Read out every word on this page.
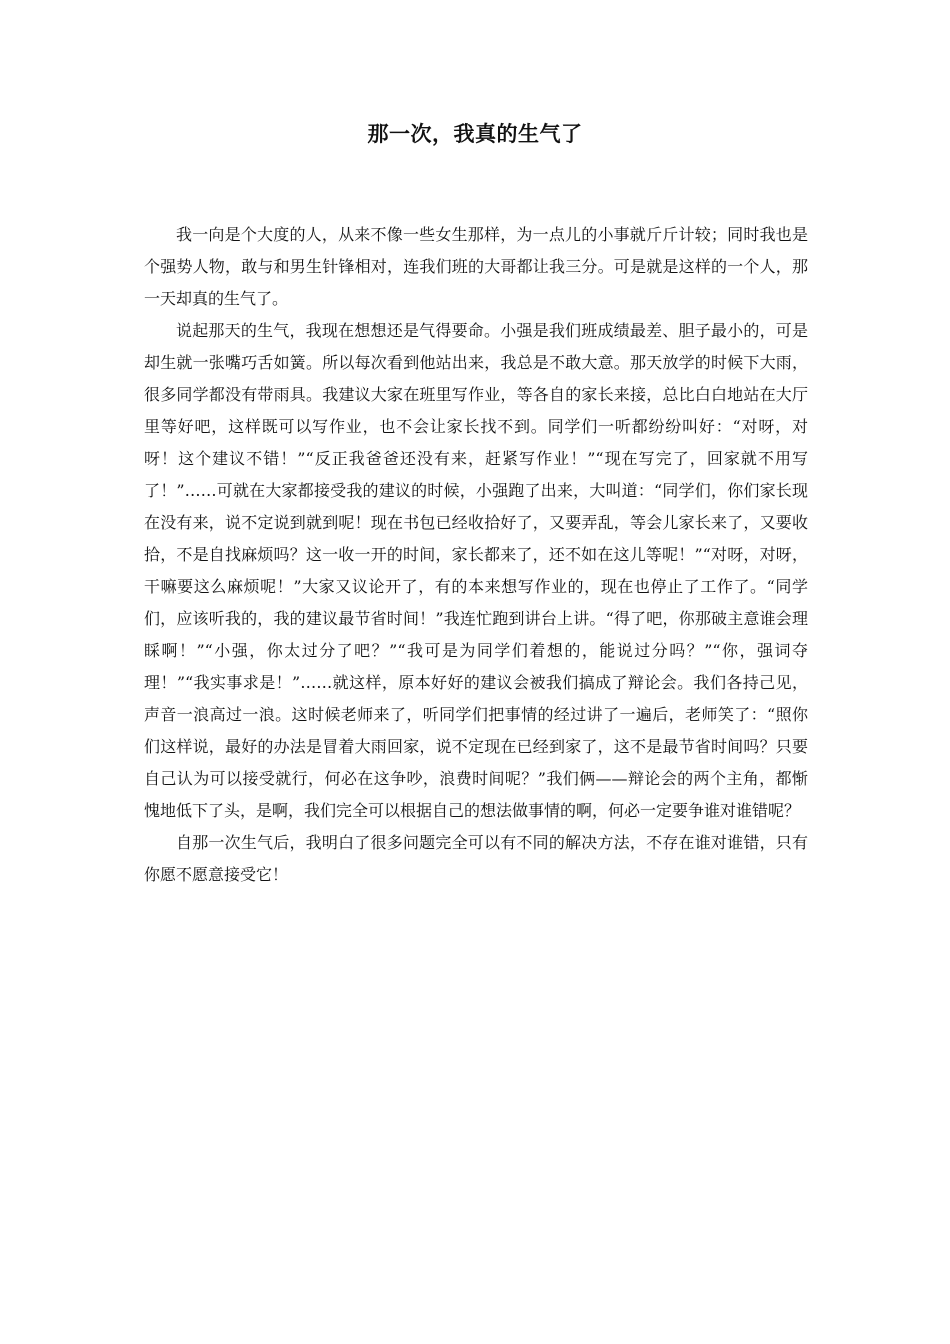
那一次，我真的生气了

我一向是个大度的人，从来不像一些女生那样，为一点儿的小事就斤斤计较；同时我也是个强势人物，敢与和男生针锋相对，连我们班的大哥都让我三分。可是就是这样的一个人，那一天却真的生气了。

说起那天的生气，我现在想想还是气得要命。小强是我们班成绩最差、胆子最小的，可是却生就一张嘴巧舌如簧。所以每次看到他站出来，我总是不敢大意。那天放学的时候下大雨，很多同学都没有带雨具。我建议大家在班里写作业，等各自的家长来接，总比白白地站在大厅里等好吧，这样既可以写作业，也不会让家长找不到。同学们一听都纷纷叫好：“对呀，对呀！这个建议不错！”“反正我爸爸还没有来，赶紧写作业！”“现在写完了，回家就不用写了！”……可就在大家都接受我的建议的时候，小强跑了出来，大叫道：“同学们，你们家长现在没有来，说不定说到就到呢！现在书包已经收拾好了，又要弄乱，等会儿家长来了，又要收拾，不是自找麻烦吗？这一收一开的时间，家长都来了，还不如在这儿等呢！”“对呀，对呀，干嘛要这么麻烦呢！”大家又议论开了，有的本来想写作业的，现在也停止了工作了。“同学们，应该听我的，我的建议最节省时间！”我连忙跑到讲台上讲。“得了吧，你那破主意谁会理睬啊！”“小强，你太过分了吧？”“我可是为同学们着想的，能说过分吗？”“你，强词夺理！”“我实事求是！”……就这样，原本好好的建议会被我们搞成了辩论会。我们各持己见，声音一浪高过一浪。这时候老师来了，听同学们把事情的经过讲了一遍后，老师笑了：“照你们这样说，最好的办法是冒着大雨回家，说不定现在已经到家了，这不是最节省时间吗？只要自己认为可以接受就行，何必在这争吵，浪费时间呢？”我们俩——辩论会的两个主角，都惭愧地低下了头，是啊，我们完全可以根据自己的想法做事情的啊，何必一定要争谁对谁错呢？

自那一次生气后，我明白了很多问题完全可以有不同的解决方法，不存在谁对谁错，只有你愿不愿意接受它！
